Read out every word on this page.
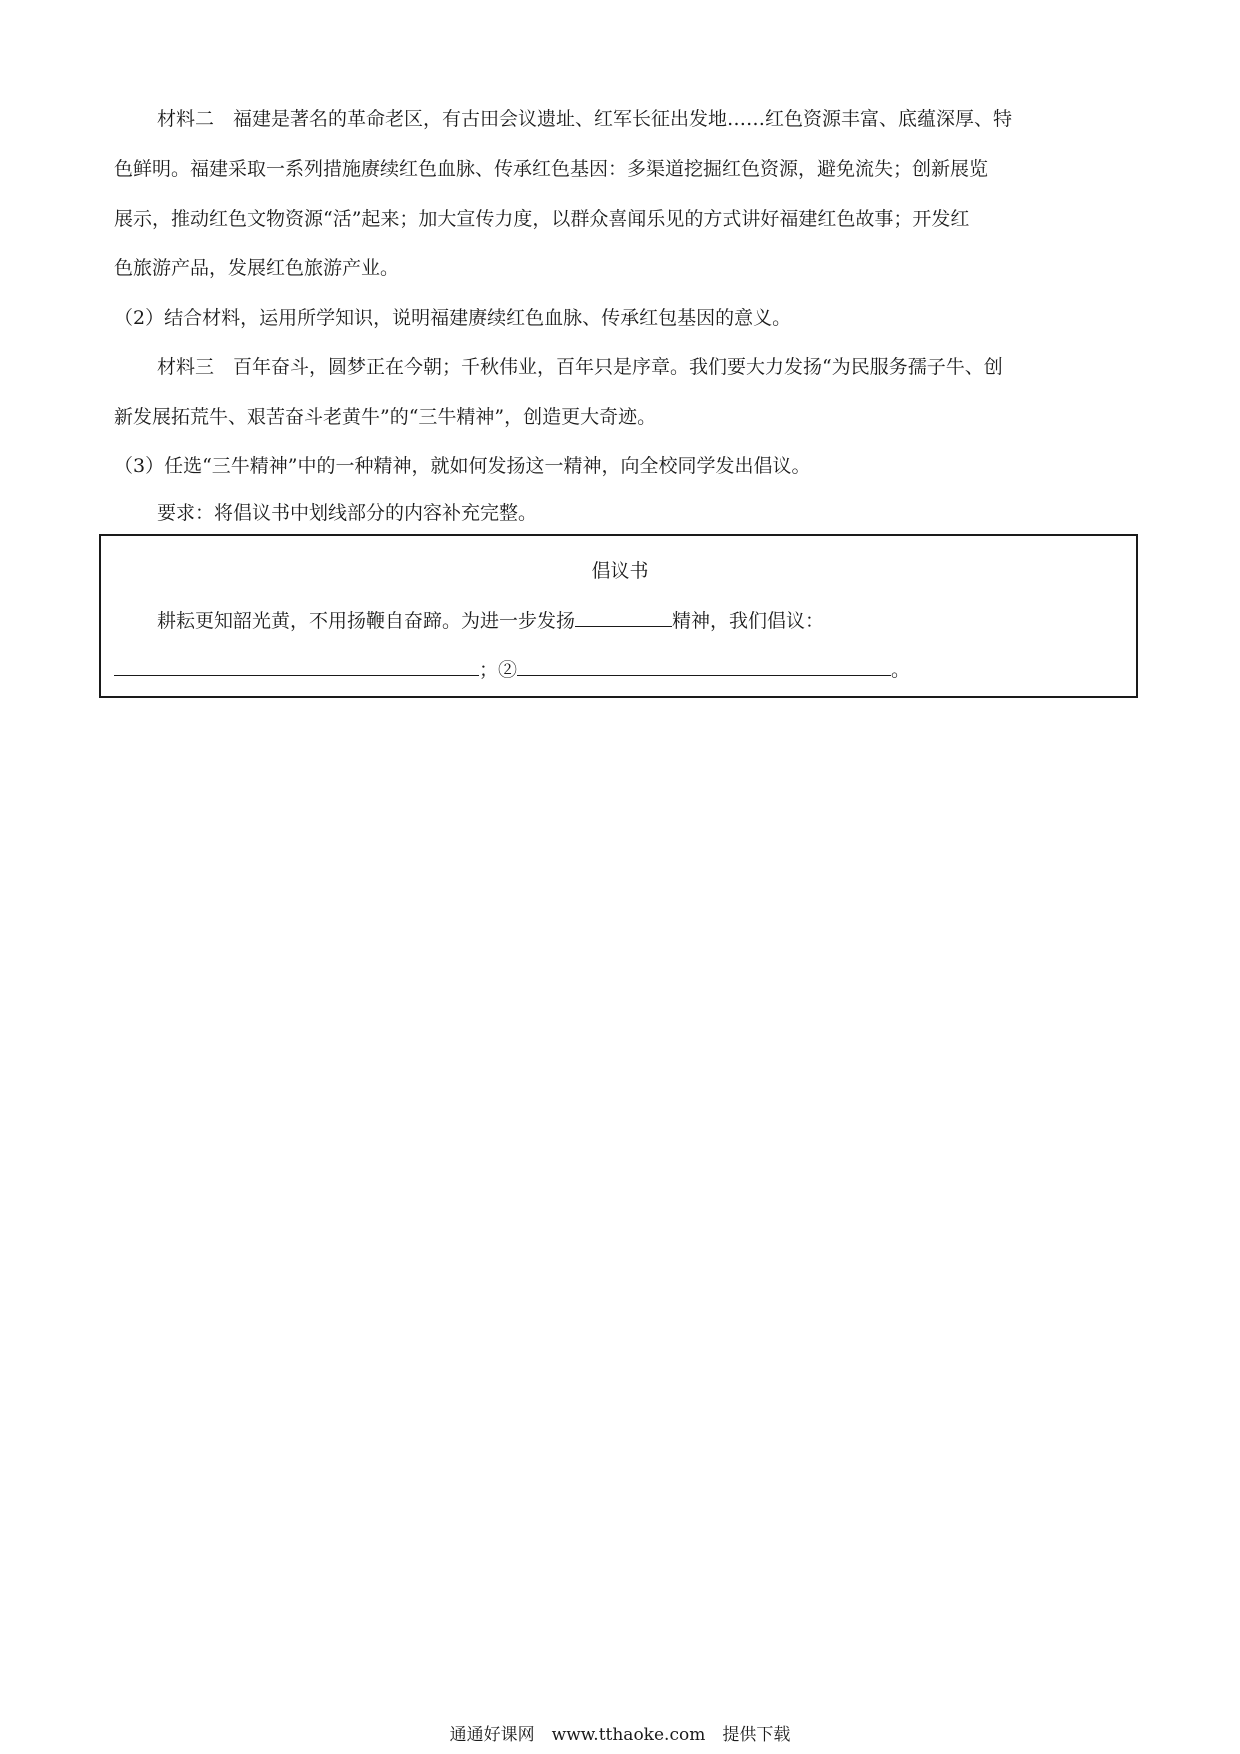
材料二　福建是著名的革命老区，有古田会议遗址、红军长征出发地……红色资源丰富、底蕴深厚、特
色鲜明。福建采取一系列措施赓续红色血脉、传承红色基因：多渠道挖掘红色资源，避免流失；创新展览
展示，推动红色文物资源“活”起来；加大宣传力度，以群众喜闻乐见的方式讲好福建红色故事；开发红
色旅游产品，发展红色旅游产业。
（2）结合材料，运用所学知识，说明福建赓续红色血脉、传承红包基因的意义。
材料三　百年奋斗，圆梦正在今朝；千秋伟业，百年只是序章。我们要大力发扬“为民服务孺子牛、创
新发展拓荒牛、艰苦奋斗老黄牛”的“三牛精神”，创造更大奇迹。
（3）任选“三牛精神”中的一种精神，就如何发扬这一精神，向全校同学发出倡议。
要求：将倡议书中划线部分的内容补充完整。
倡议书
耕耘更知韶光黄，不用扬鞭自奋蹄。为进一步发扬	精神，我们倡议：
；②	。
通通好课网　www.tthaoke.com　提供下载
